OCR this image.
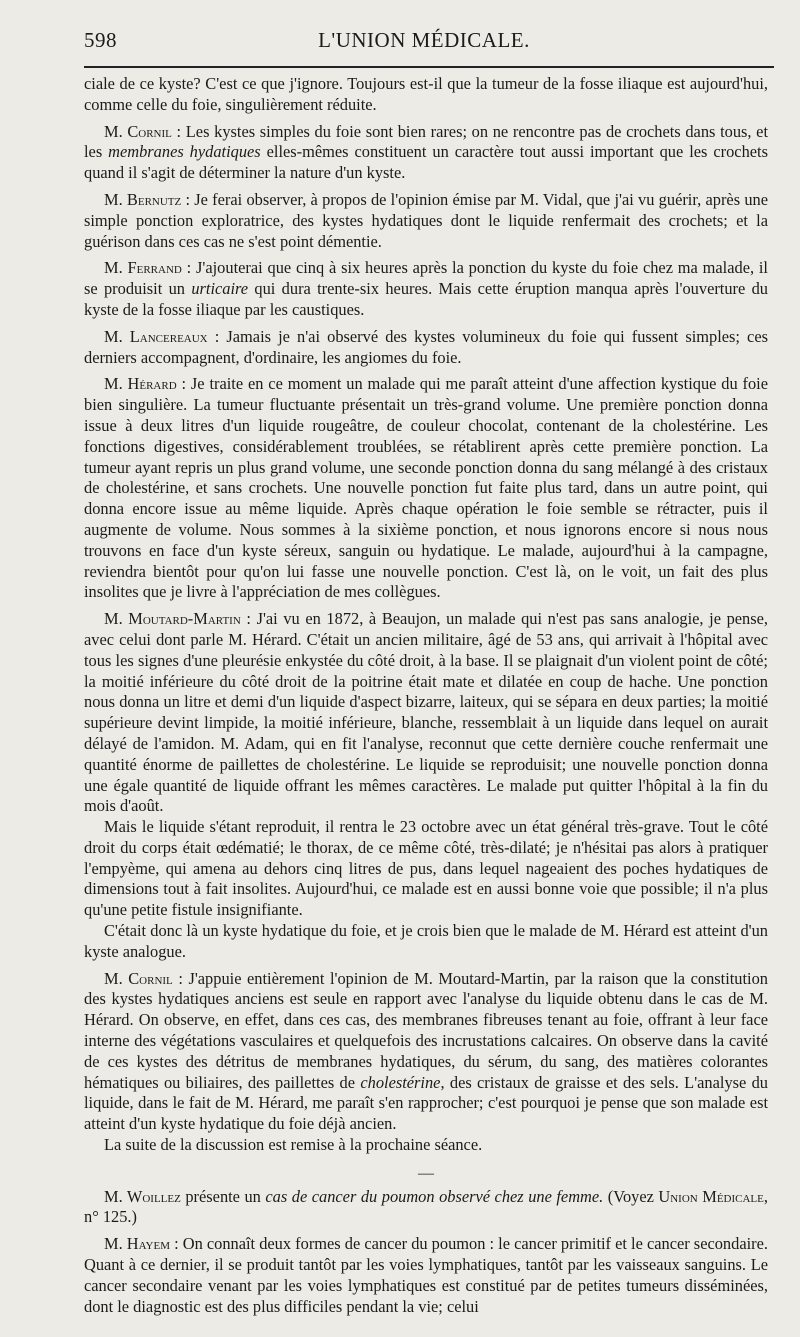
598	L'UNION MÉDICALE.

ciale de ce kyste? C'est ce que j'ignore. Toujours est-il que la tumeur de la fosse iliaque est aujourd'hui, comme celle du foie, singulièrement réduite.

M. Cornil : Les kystes simples du foie sont bien rares; on ne rencontre pas de crochets dans tous, et les membranes hydatiques elles-mêmes constituent un caractère tout aussi important que les crochets quand il s'agit de déterminer la nature d'un kyste.

M. Bernutz : Je ferai observer, à propos de l'opinion émise par M. Vidal, que j'ai vu guérir, après une simple ponction exploratrice, des kystes hydatiques dont le liquide renfermait des crochets; et la guérison dans ces cas ne s'est point démentie.

M. Ferrand : J'ajouterai que cinq à six heures après la ponction du kyste du foie chez ma malade, il se produisit un urticaire qui dura trente-six heures. Mais cette éruption manqua après l'ouverture du kyste de la fosse iliaque par les caustiques.

M. Lancereaux : Jamais je n'ai observé des kystes volumineux du foie qui fussent simples; ces derniers accompagnent, d'ordinaire, les angiomes du foie.

M. Hérard : Je traite en ce moment un malade qui me paraît atteint d'une affection kystique du foie bien singulière. La tumeur fluctuante présentait un très-grand volume. Une première ponction donna issue à deux litres d'un liquide rougeâtre, de couleur chocolat, contenant de la cholestérine. Les fonctions digestives, considérablement troublées, se rétablirent après cette première ponction. La tumeur ayant repris un plus grand volume, une seconde ponction donna du sang mélangé à des cristaux de cholestérine, et sans crochets. Une nouvelle ponction fut faite plus tard, dans un autre point, qui donna encore issue au même liquide. Après chaque opération le foie semble se rétracter, puis il augmente de volume. Nous sommes à la sixième ponction, et nous ignorons encore si nous nous trouvons en face d'un kyste séreux, sanguin ou hydatique. Le malade, aujourd'hui à la campagne, reviendra bientôt pour qu'on lui fasse une nouvelle ponction. C'est là, on le voit, un fait des plus insolites que je livre à l'appréciation de mes collègues.

M. Moutard-Martin : J'ai vu en 1872, à Beaujon, un malade qui n'est pas sans analogie, je pense, avec celui dont parle M. Hérard. C'était un ancien militaire, âgé de 53 ans, qui arrivait à l'hôpital avec tous les signes d'une pleurésie enkystée du côté droit, à la base. Il se plaignait d'un violent point de côté; la moitié inférieure du côté droit de la poitrine était mate et dilatée en coup de hache. Une ponction nous donna un litre et demi d'un liquide d'aspect bizarre, laiteux, qui se sépara en deux parties; la moitié supérieure devint limpide, la moitié inférieure, blanche, ressemblait à un liquide dans lequel on aurait délayé de l'amidon. M. Adam, qui en fit l'analyse, reconnut que cette dernière couche renfermait une quantité énorme de paillettes de cholestérine. Le liquide se reproduisit; une nouvelle ponction donna une égale quantité de liquide offrant les mêmes caractères. Le malade put quitter l'hôpital à la fin du mois d'août.

Mais le liquide s'étant reproduit, il rentra le 23 octobre avec un état général très-grave. Tout le côté droit du corps était œdématié; le thorax, de ce même côté, très-dilaté; je n'hésitai pas alors à pratiquer l'empyème, qui amena au dehors cinq litres de pus, dans lequel nageaient des poches hydatiques de dimensions tout à fait insolites. Aujourd'hui, ce malade est en aussi bonne voie que possible; il n'a plus qu'une petite fistule insignifiante.

C'était donc là un kyste hydatique du foie, et je crois bien que le malade de M. Hérard est atteint d'un kyste analogue.

M. Cornil : J'appuie entièrement l'opinion de M. Moutard-Martin, par la raison que la constitution des kystes hydatiques anciens est seule en rapport avec l'analyse du liquide obtenu dans le cas de M. Hérard. On observe, en effet, dans ces cas, des membranes fibreuses tenant au foie, offrant à leur face interne des végétations vasculaires et quelquefois des incrustations calcaires. On observe dans la cavité de ces kystes des détritus de membranes hydatiques, du sérum, du sang, des matières colorantes hématiques ou biliaires, des paillettes de cholestérine, des cristaux de graisse et des sels. L'analyse du liquide, dans le fait de M. Hérard, me paraît s'en rapprocher; c'est pourquoi je pense que son malade est atteint d'un kyste hydatique du foie déjà ancien.

La suite de la discussion est remise à la prochaine séance.

—

M. Woillez présente un cas de cancer du poumon observé chez une femme. (Voyez Union Médicale, n° 125.)

M. Hayem : On connaît deux formes de cancer du poumon : le cancer primitif et le cancer secondaire. Quant à ce dernier, il se produit tantôt par les voies lymphatiques, tantôt par les vaisseaux sanguins. Le cancer secondaire venant par les voies lymphatiques est constitué par de petites tumeurs disséminées, dont le diagnostic est des plus difficiles pendant la vie; celui
